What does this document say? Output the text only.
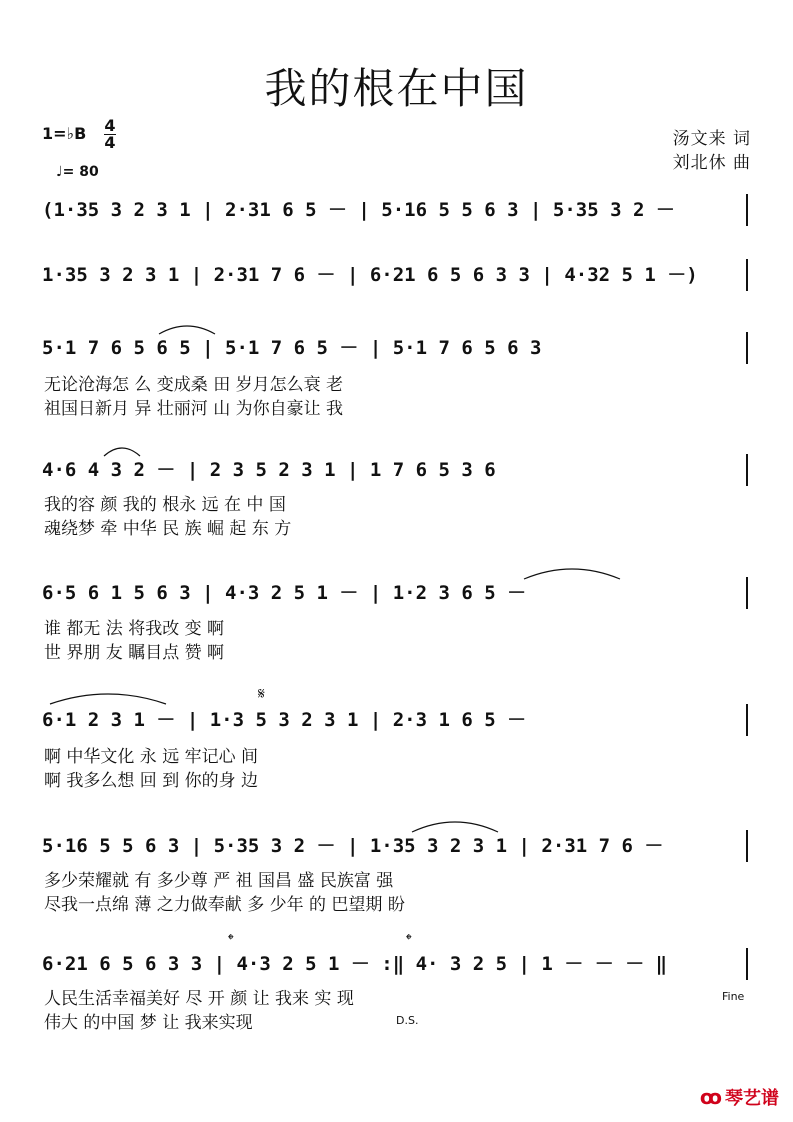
我的根在中国
1=♭B 4
4
♩= 80
汤文来 词
刘北休 曲
(1·35 3 2 3 1 | 2·31 6 5 － | 5·16 5 5 6 3 | 5·35 3 2 －
1·35 3 2 3 1 | 2·31 7 6 － | 6·21 6 5 6 3 3 | 4·32 5 1 －)
5·1 7 6 5 6 5 | 5·1 7 6 5 － | 5·1 7 6 5 6 3
无论沧海怎 么 变成桑 田 岁月怎么衰 老
祖国日新月 异 壮丽河 山 为你自豪让 我
4·6 4 3 2 － | 2 3 5 2 3 1 | 1 7 6 5 3 6
我的容 颜 我的 根永 远 在 中 国
魂绕梦 牵 中华 民 族 崛 起 东 方
6·5 6 1 5 6 3 | 4·3 2 5 1 － | 1·2 3 6 5 －
谁 都无 法 将我改 变 啊
世 界朋 友 瞩目点 赞 啊
𝄋
6·1 2 3 1 － | 1·3 5 3 2 3 1 | 2·3 1 6 5 －
啊 中华文化 永 远 牢记心 间
啊 我多么想 回 到 你的身 边
5·16 5 5 6 3 | 5·35 3 2 － | 1·35 3 2 3 1 | 2·31 7 6 －
多少荣耀就 有 多少尊 严 祖 国昌 盛 民族富 强
尽我一点绵 薄 之力做奉献 多 少年 的 巴望期 盼
𝄌	𝄌
6·21 6 5 6 3 3 | 4·3 2 5 1 － :‖ 4· 3 2 5 | 1 － － － ‖
人民生活幸福美好 尽 开 颜 让 我来 实 现
伟大 的中国 梦 让 我来实现
Fine
D.S.
ꝏ 琴艺谱
